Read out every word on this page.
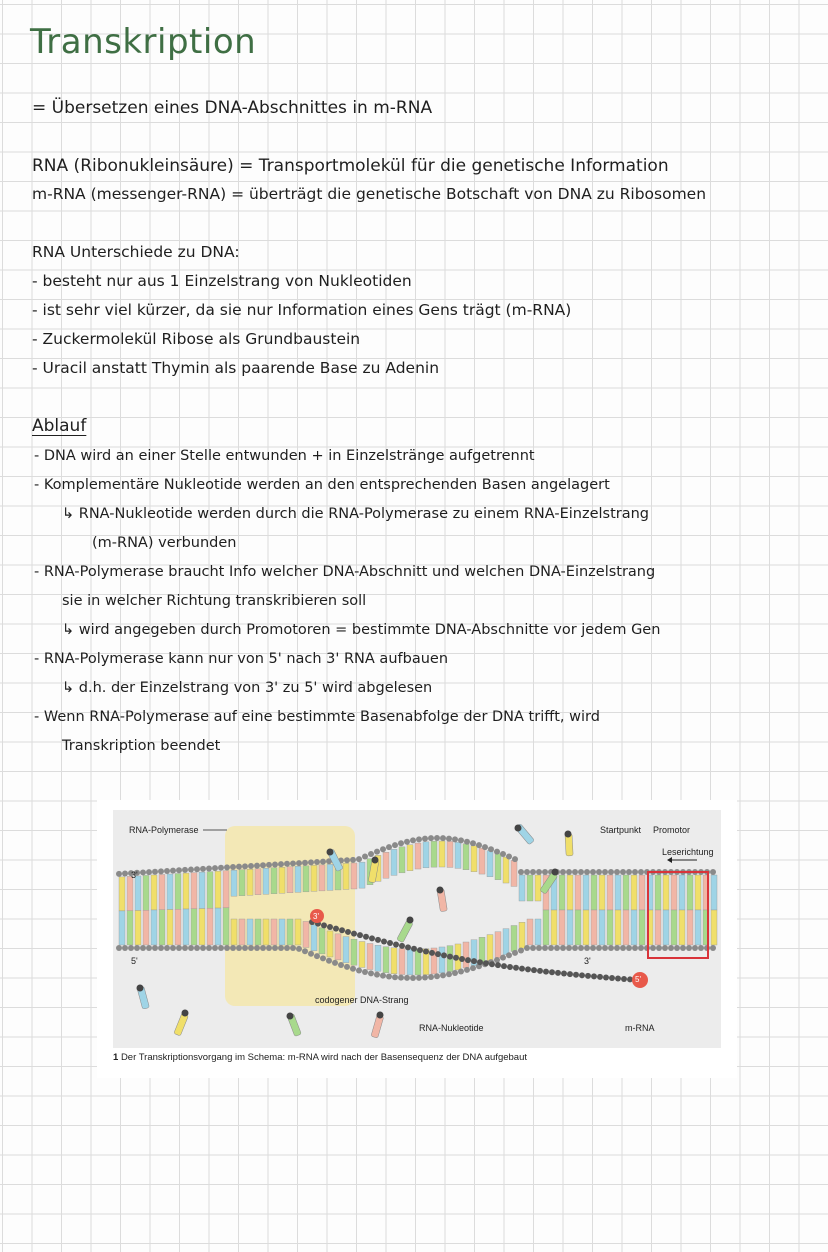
Transkription
= Übersetzen eines DNA-Abschnittes in m-RNA
RNA (Ribonukleinsäure) = Transportmolekül für die genetische Information
m-RNA (messenger-RNA) = überträgt die genetische Botschaft von DNA zu Ribosomen
RNA Unterschiede zu DNA:
- besteht nur aus 1 Einzelstrang von Nukleotiden
- ist sehr viel kürzer, da sie nur Information eines Gens trägt (m-RNA)
- Zuckermolekül Ribose als Grundbaustein
- Uracil anstatt Thymin als paarende Base zu Adenin
Ablauf
- DNA wird an einer Stelle entwunden + in Einzelstränge aufgetrennt
- Komplementäre Nukleotide werden an den entsprechenden Basen angelagert
↳ RNA-Nukleotide werden durch die RNA-Polymerase zu einem RNA-Einzelstrang
(m-RNA) verbunden
- RNA-Polymerase braucht Info welcher DNA-Abschnitt und welchen DNA-Einzelstrang
sie in welcher Richtung transkribieren soll
↳ wird angegeben durch Promotoren = bestimmte DNA-Abschnitte vor jedem Gen
- RNA-Polymerase kann nur von 5' nach 3' RNA aufbauen
↳ d.h. der Einzelstrang von 3' zu 5' wird abgelesen
- Wenn RNA-Polymerase auf eine bestimmte Basenabfolge der DNA trifft, wird
Transkription beendet
RNA-Polymerase	Startpunkt Promotor
Leserichtung
3'
5'	3'
codogener DNA-Strang
RNA-Nukleotide	m-RNA
3'
5'
1 Der Transkriptionsvorgang im Schema: m-RNA wird nach der Basensequenz der DNA aufgebaut
